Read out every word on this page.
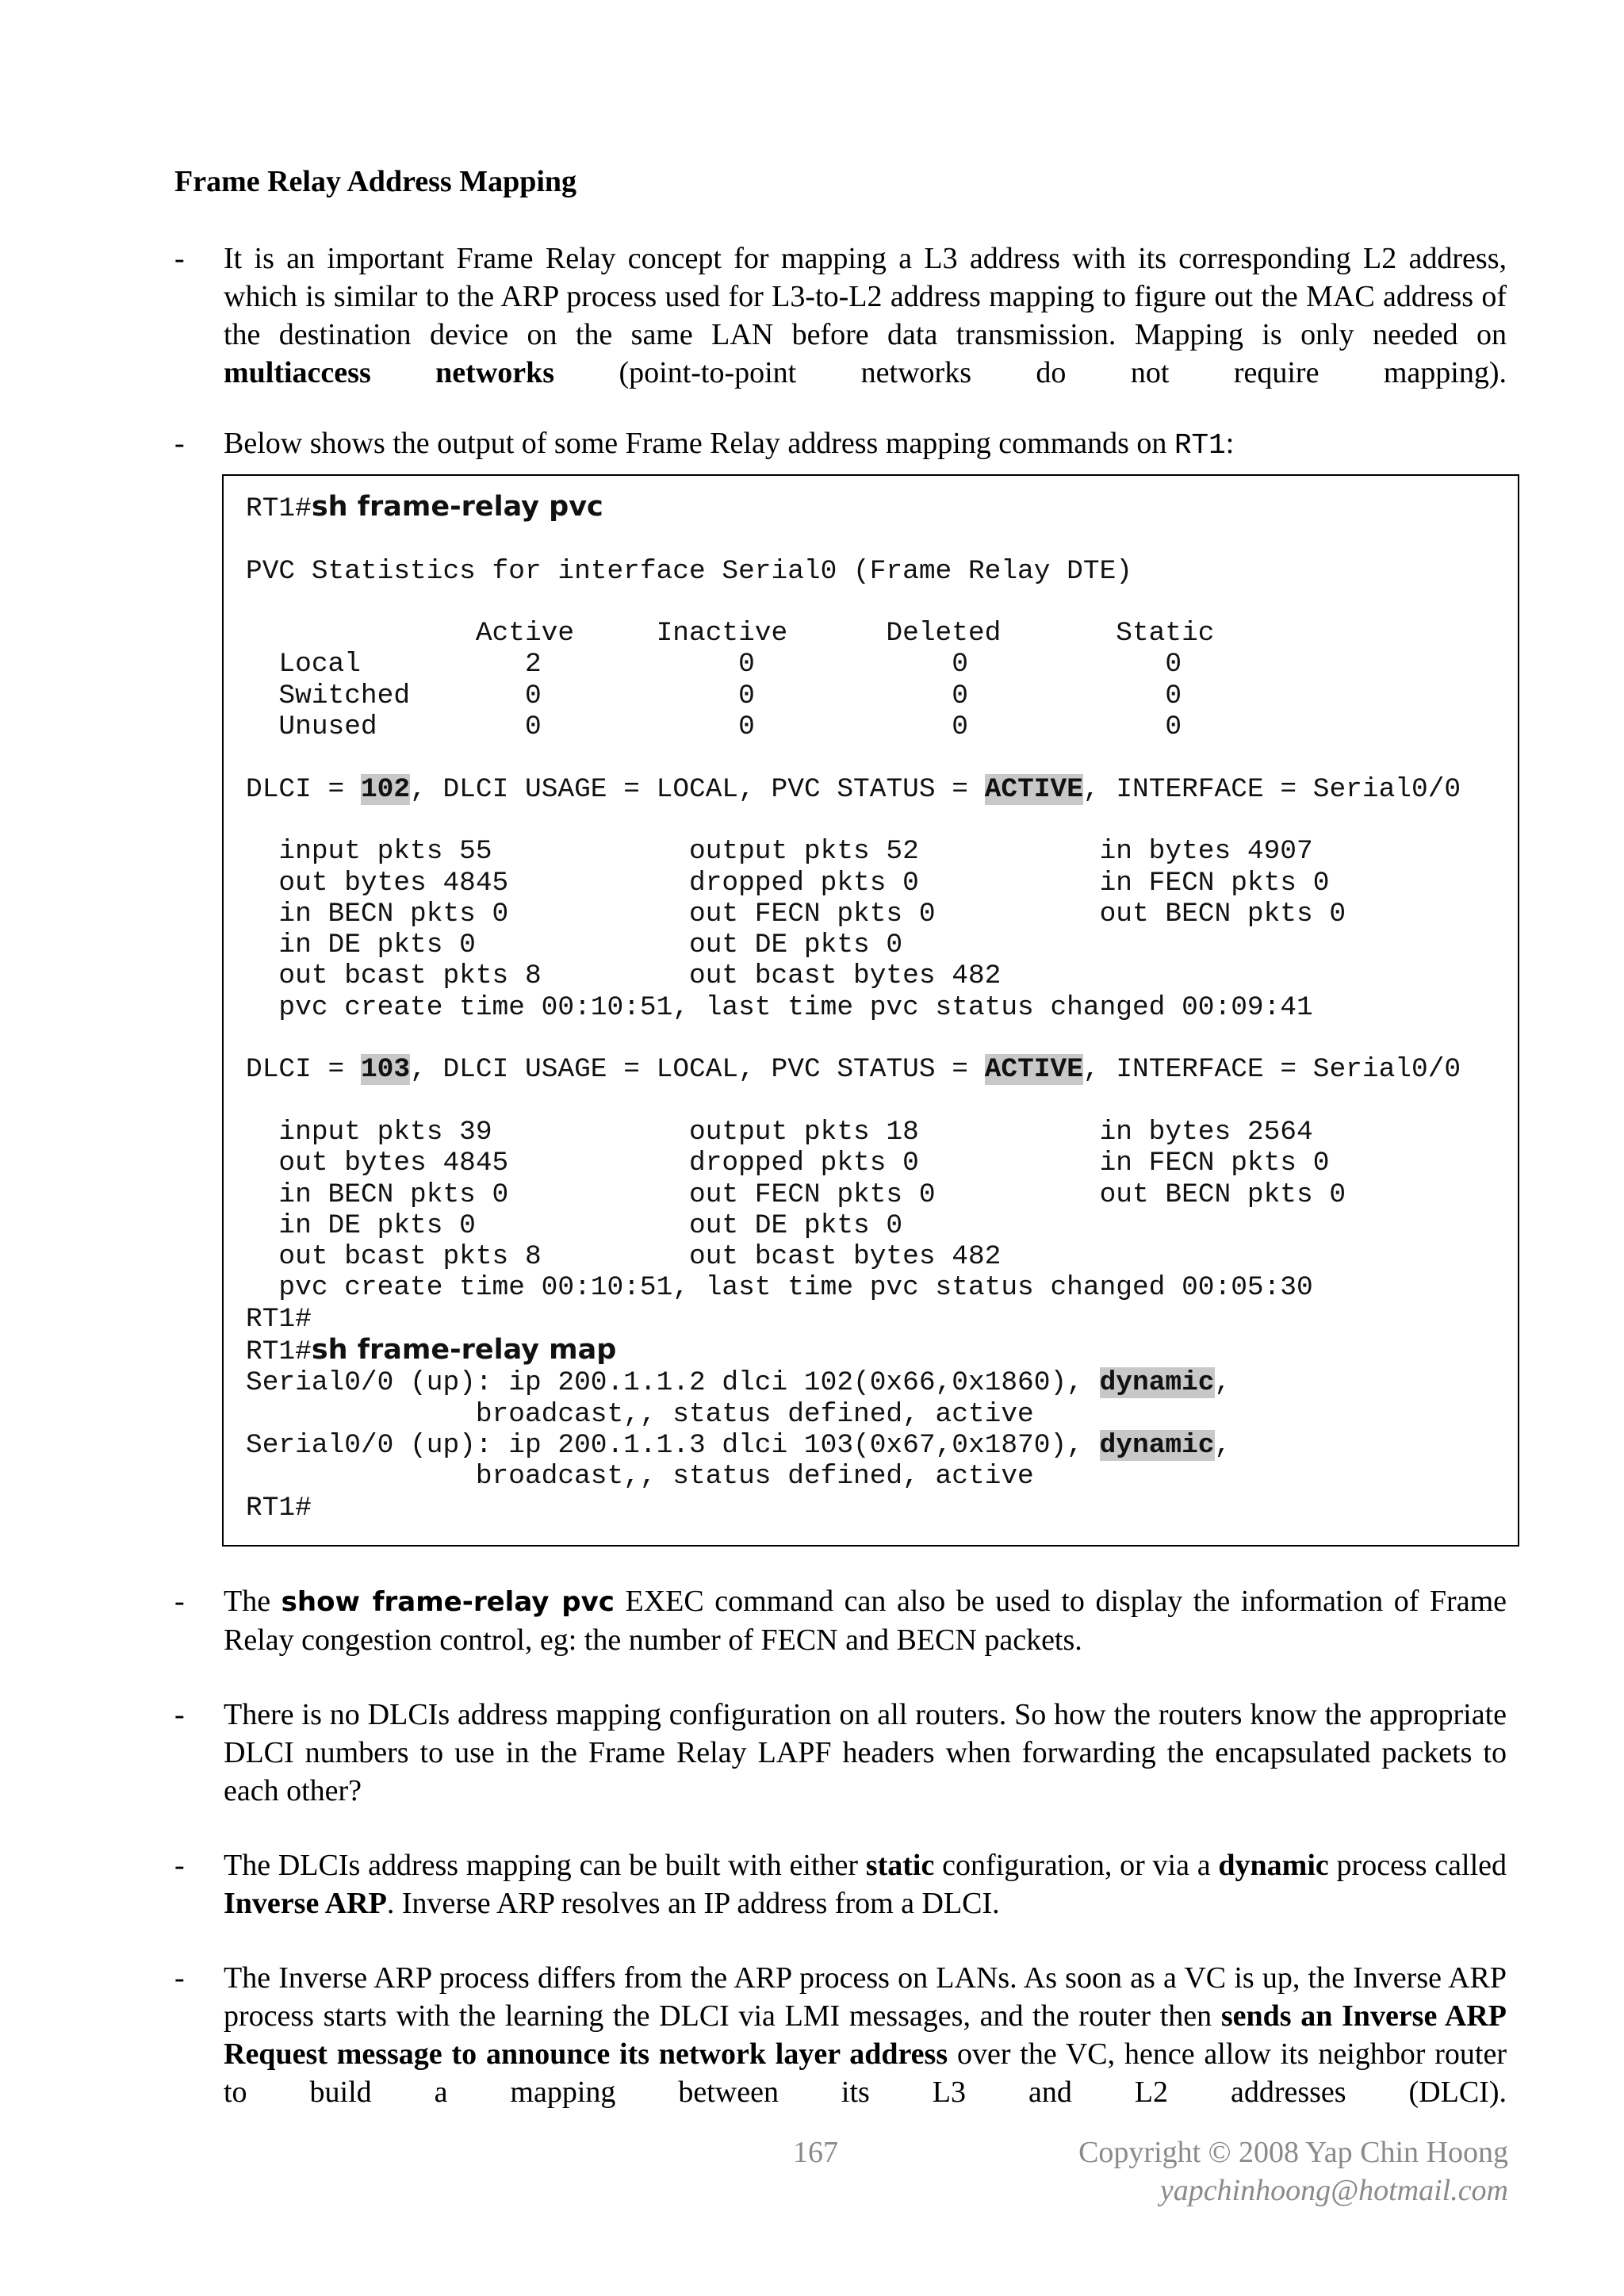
Frame Relay Address Mapping
- It is an important Frame Relay concept for mapping a L3 address with its corresponding L2 address, which is similar to the ARP process used for L3-to-L2 address mapping to figure out the MAC address of the destination device on the same LAN before data transmission. Mapping is only needed on multiaccess networks (point-to-point networks do not require mapping).
- Below shows the output of some Frame Relay address mapping commands on RT1:
RT1#sh frame-relay pvc

PVC Statistics for interface Serial0 (Frame Relay DTE)

Active     Inactive      Deleted       Static
Local          2            0            0            0
Switched       0            0            0            0
Unused         0            0            0            0

DLCI = 102, DLCI USAGE = LOCAL, PVC STATUS = ACTIVE, INTERFACE = Serial0/0

input pkts 55            output pkts 52           in bytes 4907
out bytes 4845           dropped pkts 0           in FECN pkts 0
in BECN pkts 0           out FECN pkts 0          out BECN pkts 0
in DE pkts 0             out DE pkts 0
out bcast pkts 8         out bcast bytes 482
pvc create time 00:10:51, last time pvc status changed 00:09:41

DLCI = 103, DLCI USAGE = LOCAL, PVC STATUS = ACTIVE, INTERFACE = Serial0/0

input pkts 39            output pkts 18           in bytes 2564
out bytes 4845           dropped pkts 0           in FECN pkts 0
in BECN pkts 0           out FECN pkts 0          out BECN pkts 0
in DE pkts 0             out DE pkts 0
out bcast pkts 8         out bcast bytes 482
pvc create time 00:10:51, last time pvc status changed 00:05:30
RT1#
RT1#sh frame-relay map
Serial0/0 (up): ip 200.1.1.2 dlci 102(0x66,0x1860), dynamic,
broadcast,, status defined, active
Serial0/0 (up): ip 200.1.1.3 dlci 103(0x67,0x1870), dynamic,
broadcast,, status defined, active
RT1#
- The show frame-relay pvc EXEC command can also be used to display the information of Frame Relay congestion control, eg: the number of FECN and BECN packets.
- There is no DLCIs address mapping configuration on all routers. So how the routers know the appropriate DLCI numbers to use in the Frame Relay LAPF headers when forwarding the encapsulated packets to each other?
- The DLCIs address mapping can be built with either static configuration, or via a dynamic process called Inverse ARP. Inverse ARP resolves an IP address from a DLCI.
- The Inverse ARP process differs from the ARP process on LANs. As soon as a VC is up, the Inverse ARP process starts with the learning the DLCI via LMI messages, and the router then sends an Inverse ARP Request message to announce its network layer address over the VC, hence allow its neighbor router to build a mapping between its L3 and L2 addresses (DLCI).
167	Copyright © 2008 Yap Chin Hoong
yapchinhoong@hotmail.com
